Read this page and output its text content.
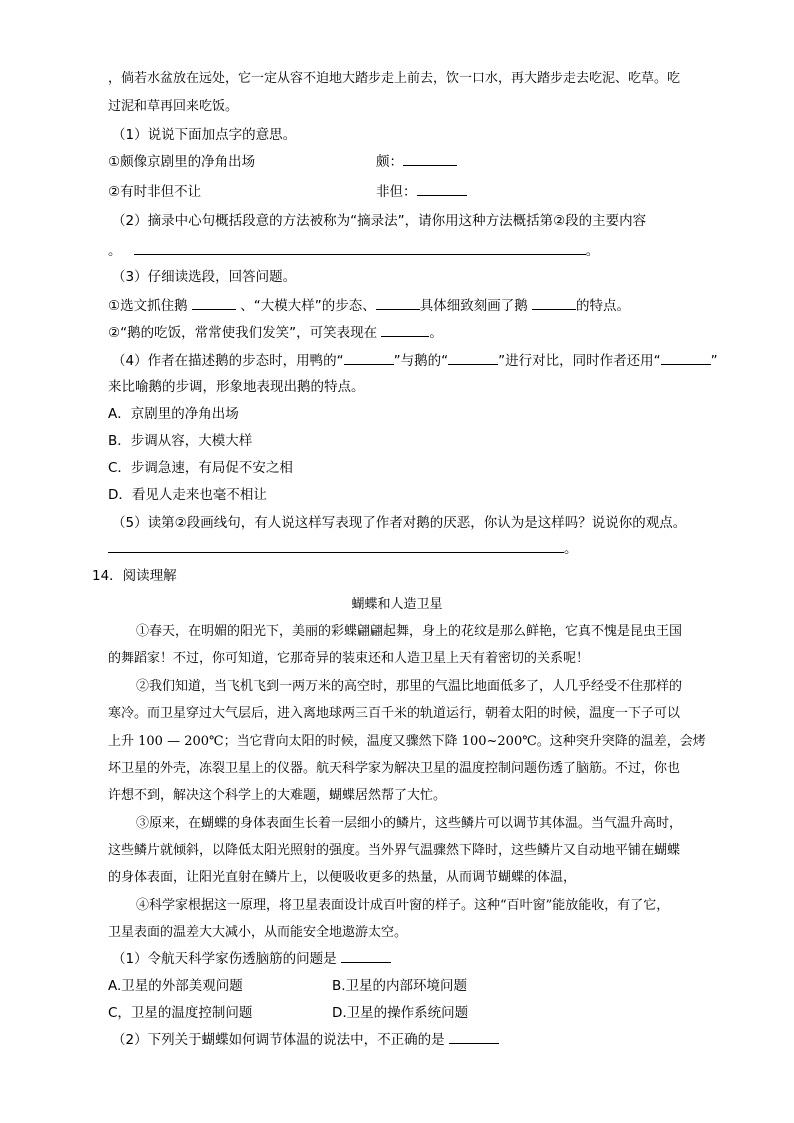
，倘若水盆放在远处，它一定从容不迫地大踏步走上前去，饮一口水，再大踏步走去吃泥、吃草。吃
过泥和草再回来吃饭。
（1）说说下面加点字的意思。
①颇像京剧里的净角出场	颇：
②有时非但不让	非但：
（2）摘录中心句概括段意的方法被称为“摘录法”，请你用这种方法概括第②段的主要内容
。	。
（3）仔细读选段，回答问题。
①选文抓住鹅	、“大模大样”的步态、	具体细致刻画了鹅	的特点。
②“鹅的吃饭，常常使我们发笑”，可笑表现在	。
（4）作者在描述鹅的步态时，用鸭的“	”与鹅的“	”进行对比，同时作者还用“	”
来比喻鹅的步调，形象地表现出鹅的特点。
A．京剧里的净角出场
B．步调从容，大模大样
C．步调急速，有局促不安之相
D．看见人走来也毫不相让
（5）读第②段画线句，有人说这样写表现了作者对鹅的厌恶，你认为是这样吗？说说你的观点。
。
14．阅读理解
蝴蝶和人造卫星
①春天，在明媚的阳光下，美丽的彩蝶翩翩起舞，身上的花纹是那么鲜艳，它真不愧是昆虫王国
的舞蹈家！不过，你可知道，它那奇异的装束还和人造卫星上天有着密切的关系呢！
②我们知道，当飞机飞到一两万米的高空时，那里的气温比地面低多了，人几乎经受不住那样的
寒冷。而卫星穿过大气层后，进入离地球两三百千米的轨道运行，朝着太阳的时候，温度一下子可以
上升 100 — 200℃；当它背向太阳的时候，温度又骤然下降 100~200℃。这种突升突降的温差，会烤
坏卫星的外壳，冻裂卫星上的仪器。航天科学家为解决卫星的温度控制问题伤透了脑筋。不过，你也
许想不到，解决这个科学上的大难题，蝴蝶居然帮了大忙。
③原来，在蝴蝶的身体表面生长着一层细小的鳞片，这些鳞片可以调节其体温。当气温升高时，
这些鳞片就倾斜，以降低太阳光照射的强度。当外界气温骤然下降时，这些鳞片又自动地平铺在蝴蝶
的身体表面，让阳光直射在鳞片上，以便吸收更多的热量，从而调节蝴蝶的体温，
④科学家根据这一原理，将卫星表面设计成百叶窗的样子。这种“百叶窗”能放能收，有了它，
卫星表面的温差大大减小，从而能安全地遨游太空。
（1）令航天科学家伤透脑筋的问题是
A.卫星的外部美观问题	B.卫星的内部环境问题
C，卫星的温度控制问题	D.卫星的操作系统问题
（2）下列关于蝴蝶如何调节体温的说法中，不正确的是
